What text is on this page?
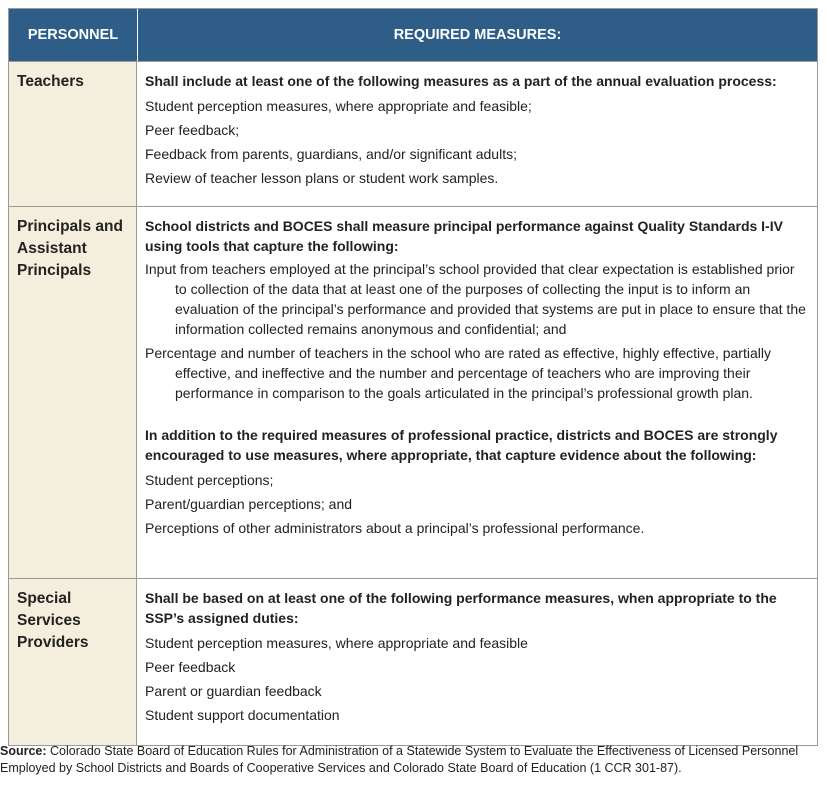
PERSONNEL	REQUIRED MEASURES:
Teachers	Shall include at least one of the following measures as a part of the annual evaluation process:
Student perception measures, where appropriate and feasible;
Peer feedback;
Feedback from parents, guardians, and/or significant adults;
Review of teacher lesson plans or student work samples.
Principals and
Assistant
Principals
School districts and BOCES shall measure principal performance against Quality Standards I-IV using tools that capture the following:
Input from teachers employed at the principal’s school provided that clear expectation is established prior to collection of the data that at least one of the purposes of collecting the input is to inform an evaluation of the principal’s performance and provided that systems are put in place to ensure that the information collected remains anonymous and confidential; and
Percentage and number of teachers in the school who are rated as effective, highly effective, partially effective, and ineffective and the number and percentage of teachers who are improving their performance in comparison to the goals articulated in the principal’s professional growth plan.
In addition to the required measures of professional practice, districts and BOCES are strongly encouraged to use measures, where appropriate, that capture evidence about the following:
Student perceptions;
Parent/guardian perceptions; and
Perceptions of other administrators about a principal’s professional performance.
Special
Services
Providers
Shall be based on at least one of the following performance measures, when appropriate to the SSP’s assigned duties:
Student perception measures, where appropriate and feasible
Peer feedback
Parent or guardian feedback
Student support documentation
Source: Colorado State Board of Education Rules for Administration of a Statewide System to Evaluate the Effectiveness of Licensed Personnel Employed by School Districts and Boards of Cooperative Services and Colorado State Board of Education (1 CCR 301-87).
